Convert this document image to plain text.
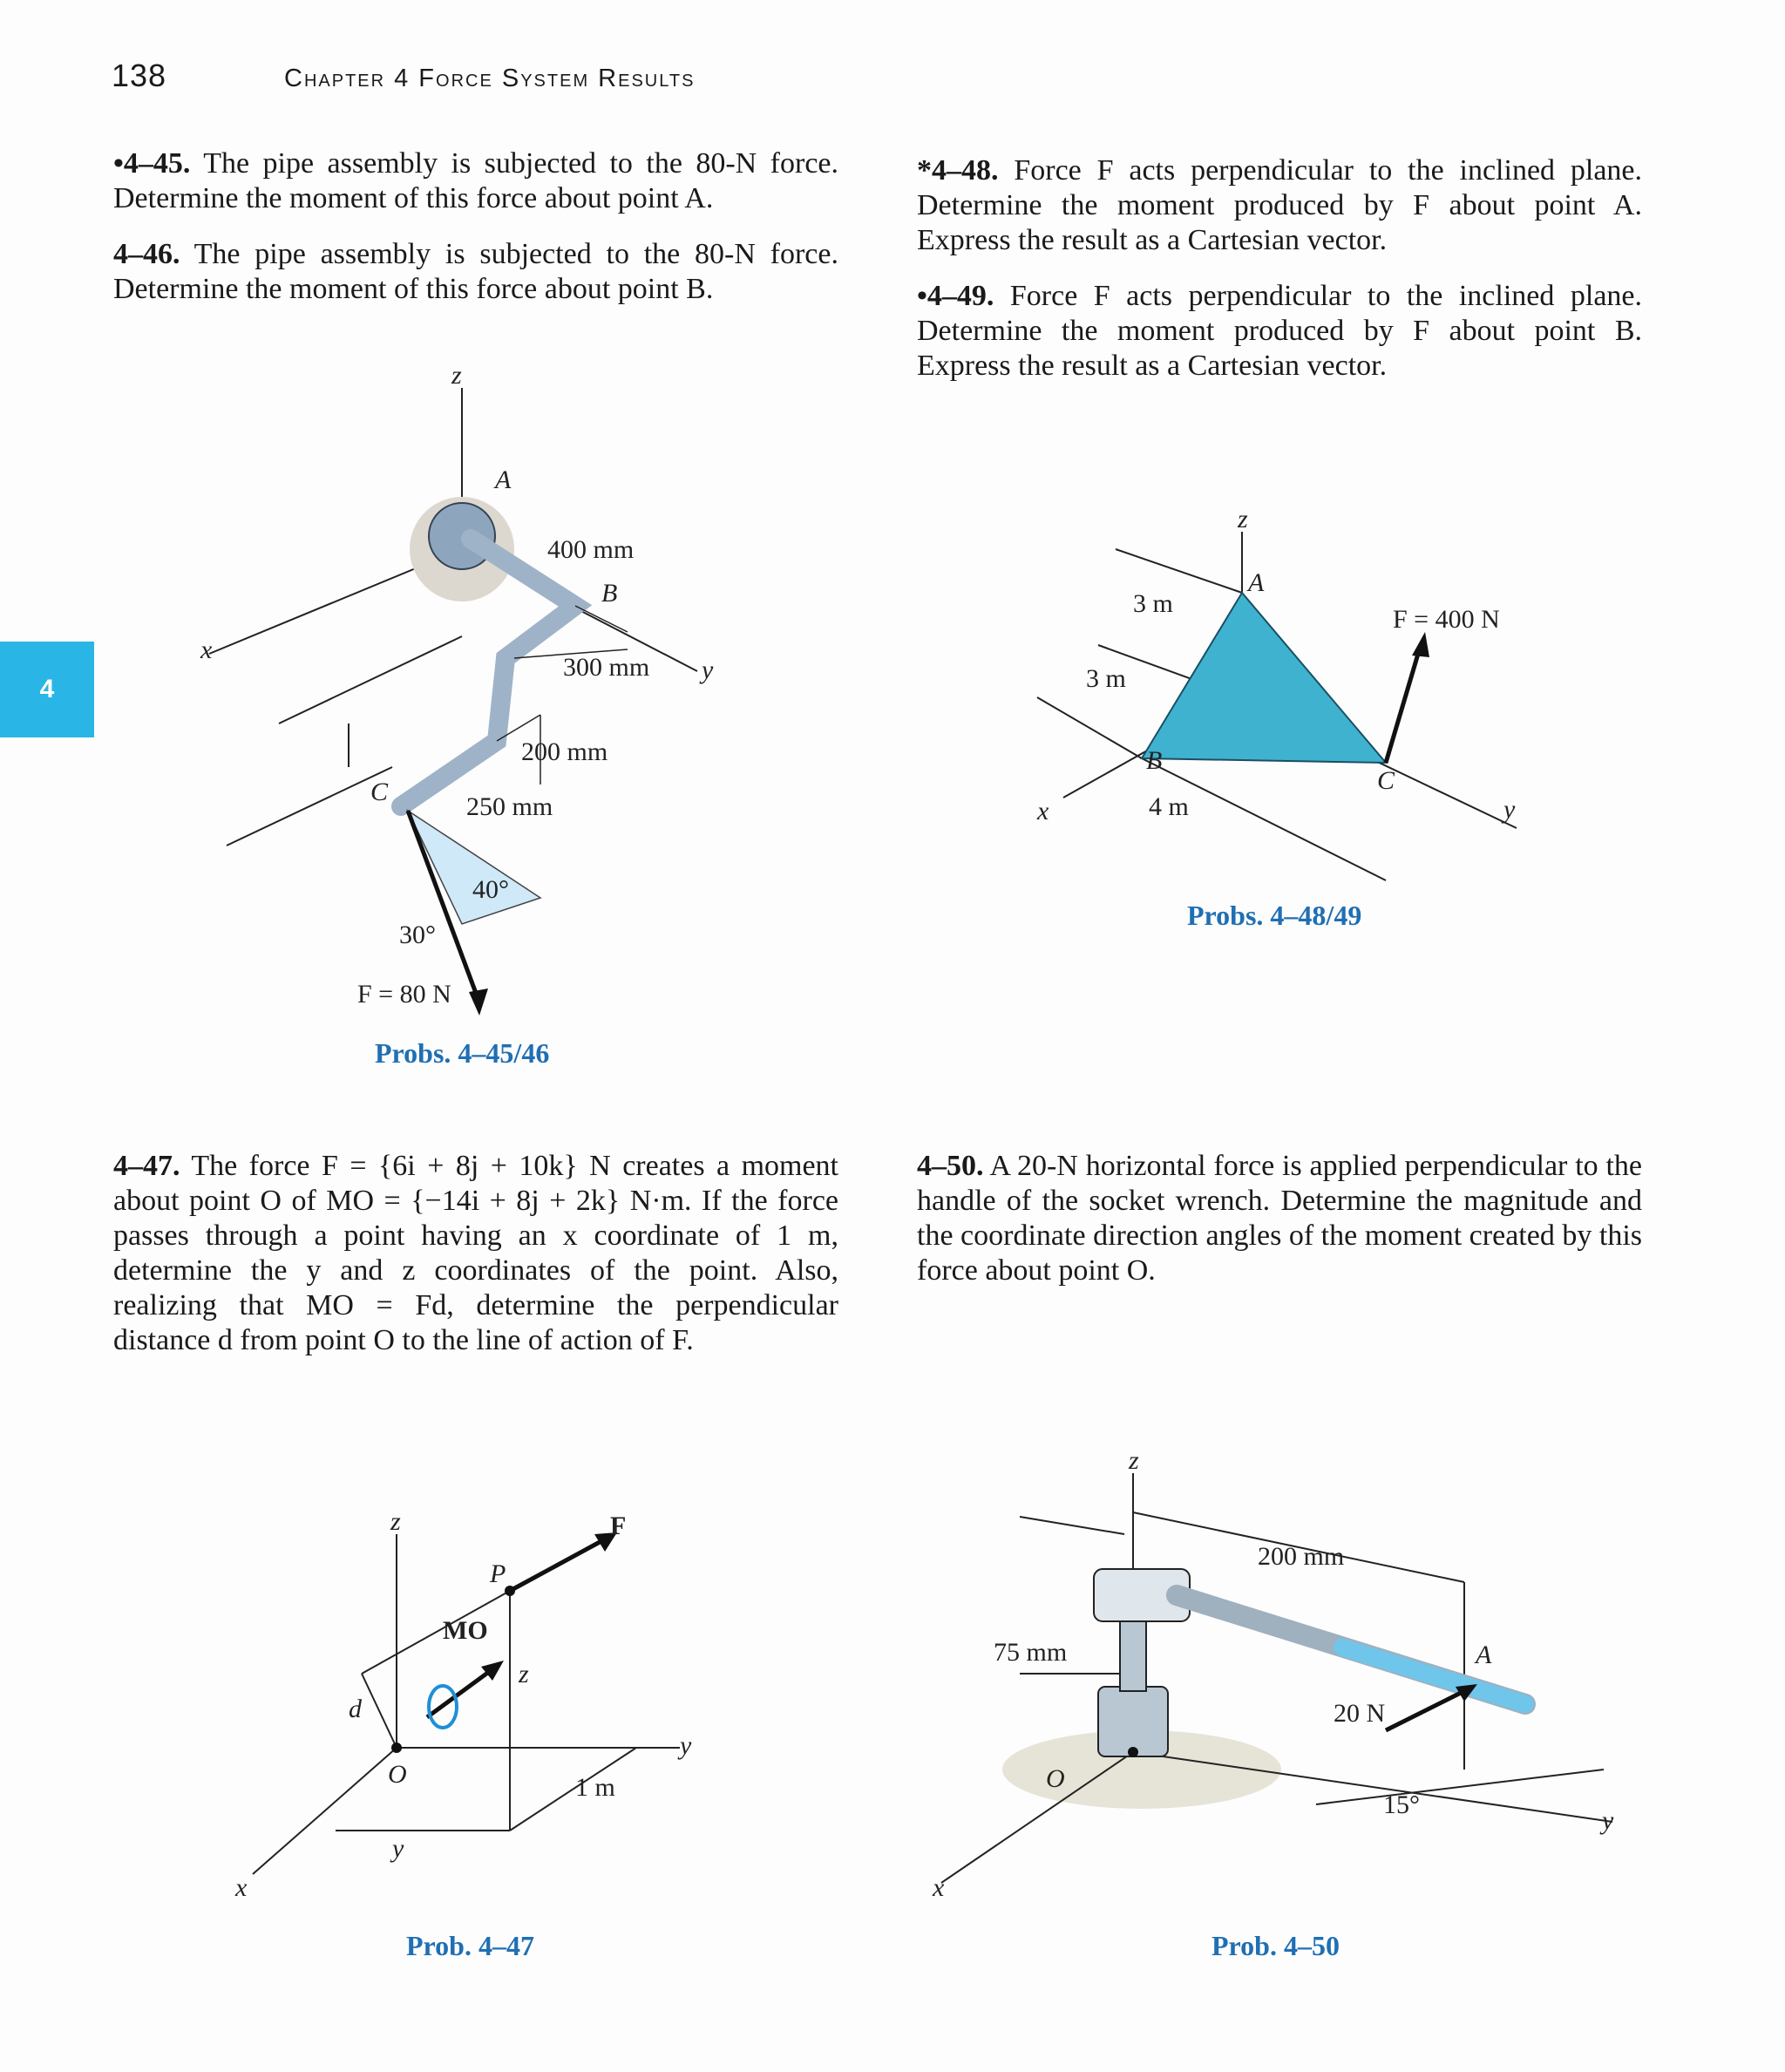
138	Chapter 4 Force System Results
4
•4–45. The pipe assembly is subjected to the 80-N force. Determine the moment of this force about point A.
4–46. The pipe assembly is subjected to the 80-N force. Determine the moment of this force about point B.
*4–48. Force F acts perpendicular to the inclined plane. Determine the moment produced by F about point A. Express the result as a Cartesian vector.
•4–49. Force F acts perpendicular to the inclined plane. Determine the moment produced by F about point B. Express the result as a Cartesian vector.
4–47. The force F = {6i + 8j + 10k} N creates a moment about point O of MO = {−14i + 8j + 2k} N·m. If the force passes through a point having an x coordinate of 1 m, determine the y and z coordinates of the point. Also, realizing that MO = Fd, determine the perpendicular distance d from point O to the line of action of F.
4–50. A 20-N horizontal force is applied perpendicular to the handle of the socket wrench. Determine the magnitude and the coordinate direction angles of the moment created by this force about point O.
z
x
y
A
B
C
400 mm
300 mm
200 mm
250 mm
40°
30°
F = 80 N
Probs. 4–45/46
z
A
B
C
x	y
3 m
3 m
4 m
F = 400 N
Probs. 4–48/49
z
z
x
y
y
P
O
F
MO
d
1 m
Prob. 4–47
z
x
y
O
A
200 mm
75 mm
20 N
15°
Prob. 4–50
